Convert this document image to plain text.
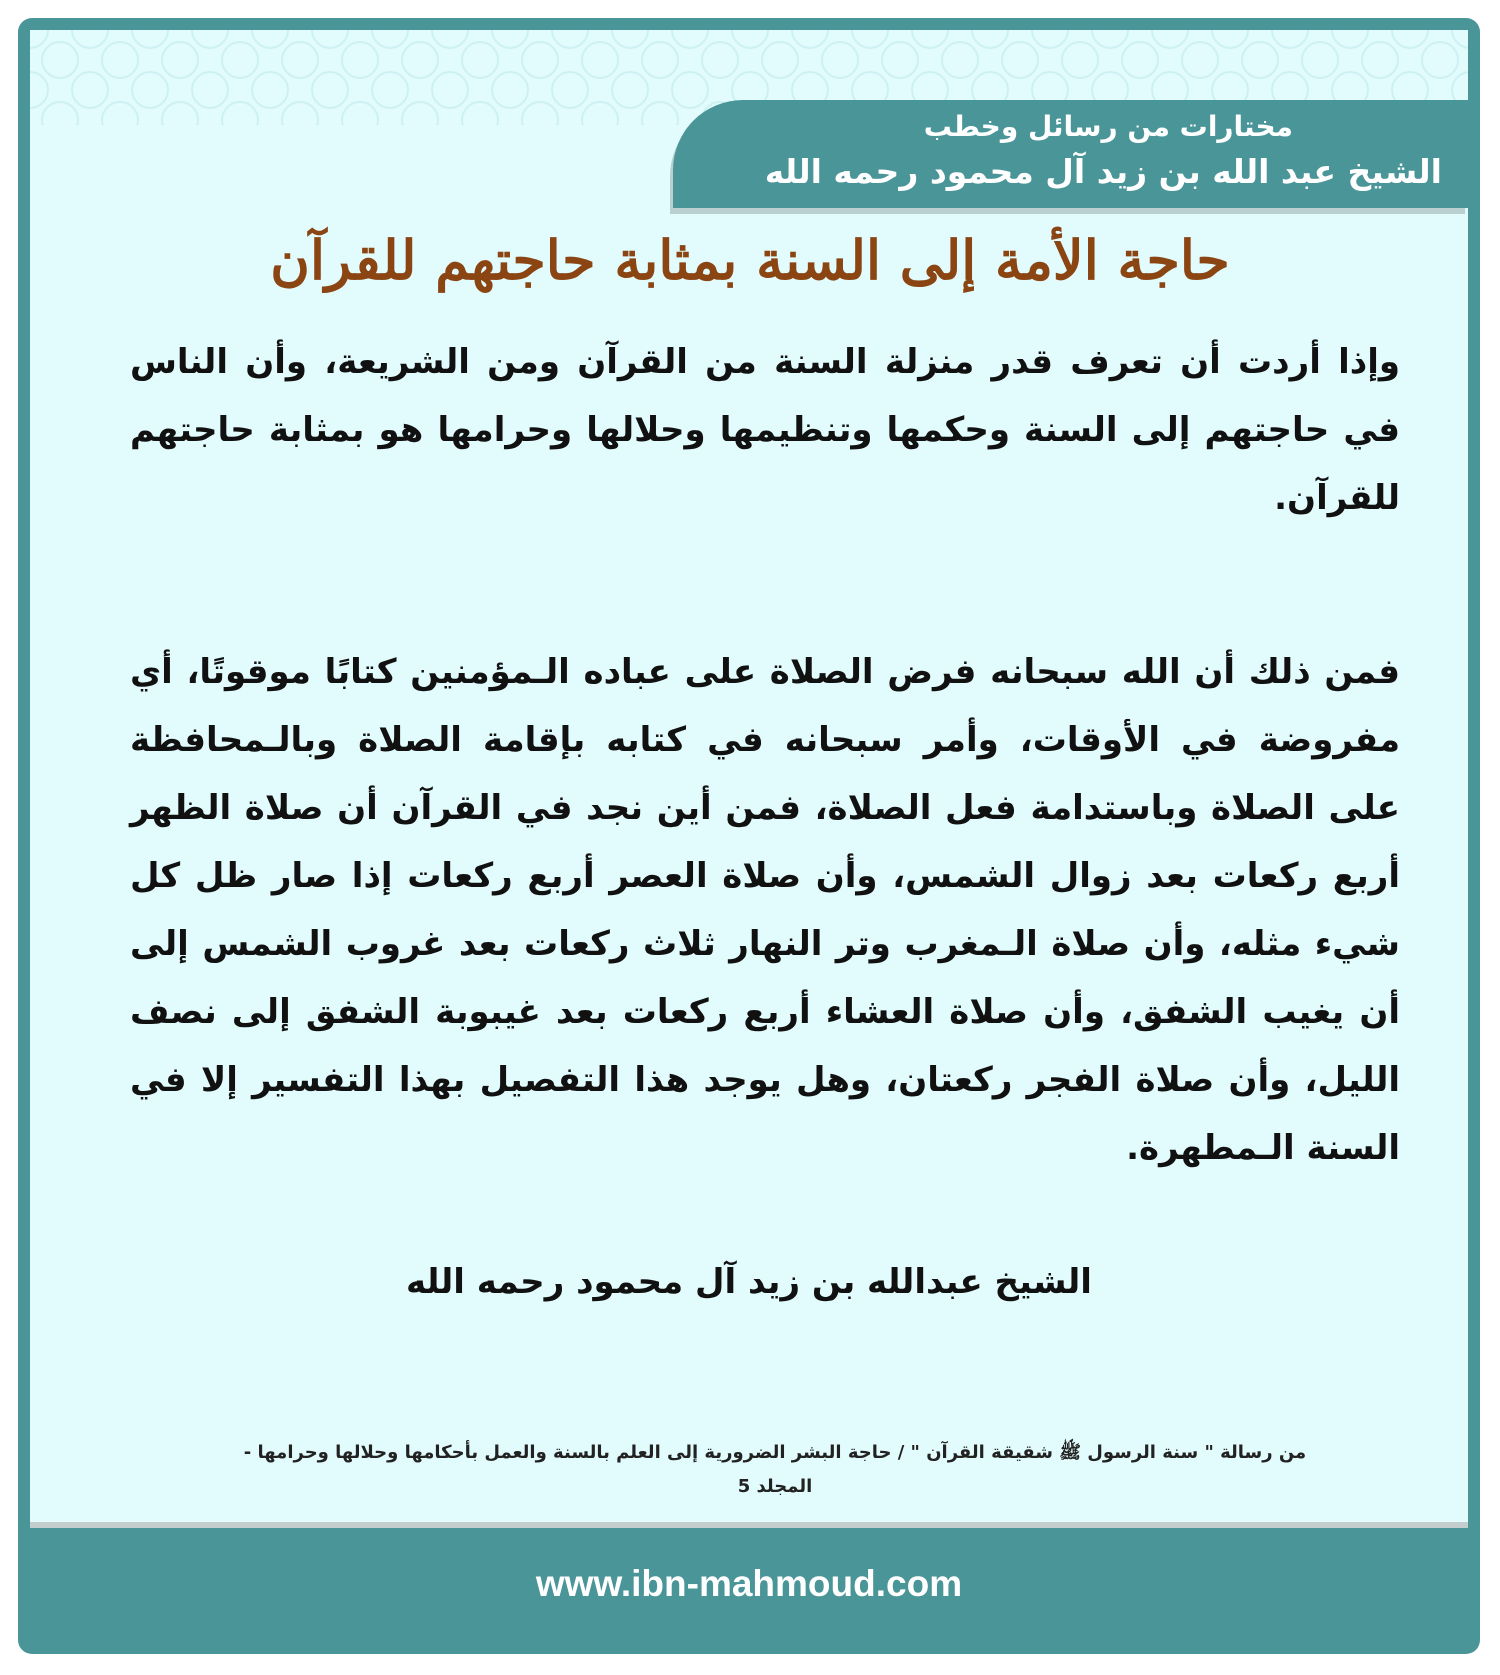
مختارات من رسائل وخطب
الشيخ عبد الله بن زيد آل محمود رحمه الله
حاجة الأمة إلى السنة بمثابة حاجتهم للقرآن
وإذا أردت أن تعرف قدر منزلة السنة من القرآن ومن الشريعة، وأن الناس في حاجتهم إلى السنة وحكمها وتنظيمها وحلالها وحرامها هو بمثابة حاجتهم للقرآن.
فمن ذلك أن الله سبحانه فرض الصلاة على عباده الـمؤمنين كتابًا موقوتًا، أي مفروضة في الأوقات، وأمر سبحانه في كتابه بإقامة الصلاة وبالـمحافظة على الصلاة وباستدامة فعل الصلاة، فمن أين نجد في القرآن أن صلاة الظهر أربع ركعات بعد زوال الشمس، وأن صلاة العصر أربع ركعات إذا صار ظل كل شيء مثله، وأن صلاة الـمغرب وتر النهار ثلاث ركعات بعد غروب الشمس إلى أن يغيب الشفق، وأن صلاة العشاء أربع ركعات بعد غيبوبة الشفق إلى نصف الليل، وأن صلاة الفجر ركعتان، وهل يوجد هذا التفصيل بهذا التفسير إلا في السنة الـمطهرة.
الشيخ عبدالله بن زيد آل محمود رحمه الله
من رسالة " سنة الرسول ﷺ شقيقة القرآن " / حاجة البشر الضرورية إلى العلم بالسنة والعمل بأحكامها وحلالها وحرامها -
المجلد 5
www.ibn-mahmoud.com
